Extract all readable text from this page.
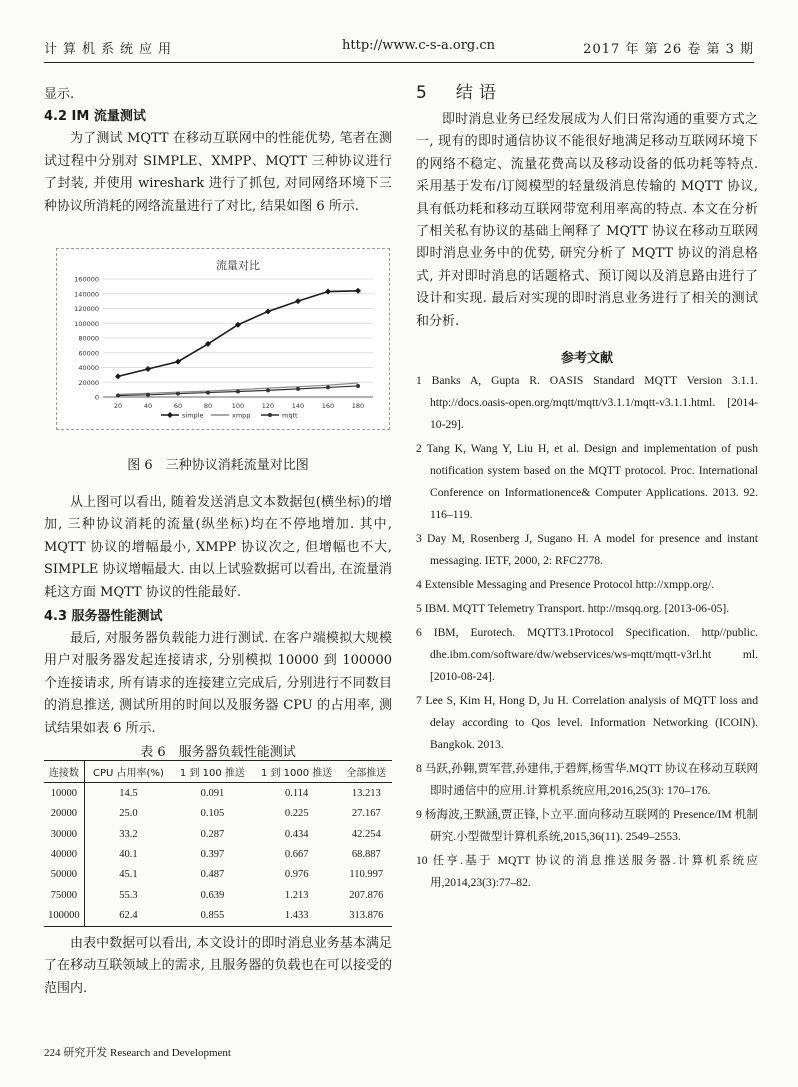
计算机系统应用	http://www.c-s-a.org.cn	2017 年 第 26 卷 第 3 期

显示.

4.2 IM 流量测试

为了测试 MQTT 在移动互联网中的性能优势, 笔者在测试过程中分别对 SIMPLE、XMPP、MQTT 三种协议进行了封装, 并使用 wireshark 进行了抓包, 对同网络环境下三种协议所消耗的网络流量进行了对比, 结果如图 6 所示.

流量对比
0
20000
40000
60000
80000
100000
120000
140000
160000
20	40	60	80	100	120	140	160	180
simple	xmpp	mqtt
图 6　三种协议消耗流量对比图

从上图可以看出, 随着发送消息文本数据包(横坐标)的增加, 三种协议消耗的流量(纵坐标)均在不停地增加. 其中, MQTT 协议的增幅最小, XMPP 协议次之, 但增幅也不大, SIMPLE 协议增幅最大. 由以上试验数据可以看出, 在流量消耗这方面 MQTT 协议的性能最好.

4.3 服务器性能测试

最后, 对服务器负载能力进行测试. 在客户端模拟大规模用户对服务器发起连接请求, 分别模拟 10000 到 100000 个连接请求, 所有请求的连接建立完成后, 分别进行不同数目的消息推送, 测试所用的时间以及服务器 CPU 的占用率, 测试结果如表 6 所示.

表 6　服务器负载性能测试
连接数	CPU 占用率(%)	1 到 100 推送	1 到 1000 推送	全部推送
10000	14.5	0.091	0.114	13.213
20000	25.0	0.105	0.225	27.167
30000	33.2	0.287	0.434	42.254
40000	40.1	0.397	0.667	68.887
50000	45.1	0.487	0.976	110.997
75000	55.3	0.639	1.213	207.876
100000	62.4	0.855	1.433	313.876

由表中数据可以看出, 本文设计的即时消息业务基本满足了在移动互联领域上的需求, 且服务器的负载也在可以接受的范围内.

5　结语

即时消息业务已经发展成为人们日常沟通的重要方式之一, 现有的即时通信协议不能很好地满足移动互联网环境下的网络不稳定、流量花费高以及移动设备的低功耗等特点. 采用基于发布/订阅模型的轻量级消息传输的 MQTT 协议, 具有低功耗和移动互联网带宽利用率高的特点. 本文在分析了相关私有协议的基础上阐释了 MQTT 协议在移动互联网即时消息业务中的优势, 研究分析了 MQTT 协议的消息格式, 并对即时消息的话题格式、预订阅以及消息路由进行了设计和实现. 最后对实现的即时消息业务进行了相关的测试和分析.

参考文献

1 Banks A, Gupta R. OASIS Standard MQTT Version 3.1.1. http://docs.oasis-open.org/mqtt/mqtt/v3.1.1/mqtt-v3.1.1.html. [2014-10-29].

2 Tang K, Wang Y, Liu H, et al. Design and implementation of push notification system based on the MQTT protocol. Proc. International Conference on Informationence& Computer Applications. 2013. 92. 116–119.

3 Day M, Rosenberg J, Sugano H. A model for presence and instant messaging. IETF, 2000, 2: RFC2778.

4 Extensible Messaging and Presence Protocol http://xmpp.org/.

5 IBM. MQTT Telemetry Transport. http://msqq.org. [2013-06-05].

6 IBM, Eurotech. MQTT3.1Protocol Specification. http//public. dhe.ibm.com/software/dw/webservices/ws-mqtt/mqtt-v3rl.ht ml. [2010-08-24].

7 Lee S, Kim H, Hong D, Ju H. Correlation analysis of MQTT loss and delay according to Qos level. Information Networking (ICOIN). Bangkok. 2013.

8 马跃,孙翱,贾军营,孙建伟,于碧辉,杨雪华.MQTT 协议在移动互联网即时通信中的应用.计算机系统应用,2016,25(3): 170–176.

9 杨海波,王默涵,贾正锋,卜立平.面向移动互联网的 Presence/IM 机制研究.小型微型计算机系统,2015,36(11). 2549–2553.

10 任亨.基于 MQTT 协议的消息推送服务器.计算机系统应用,2014,23(3):77–82.

224 研究开发 Research and Development
